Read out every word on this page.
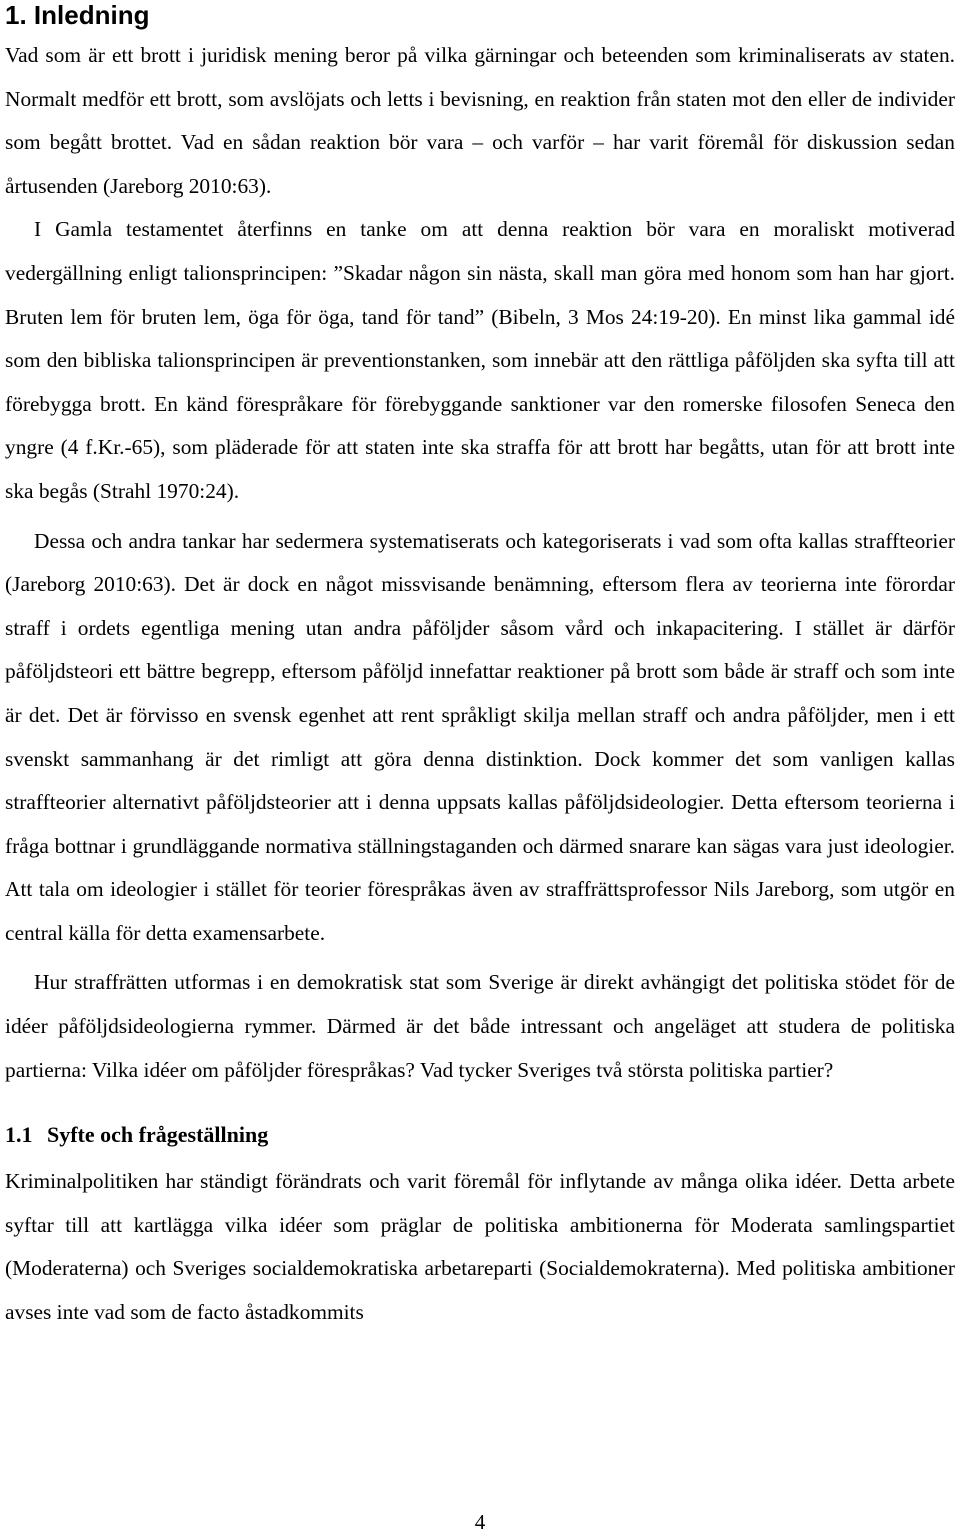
1. Inledning

Vad som är ett brott i juridisk mening beror på vilka gärningar och beteenden som kriminaliserats av staten. Normalt medför ett brott, som avslöjats och letts i bevisning, en reaktion från staten mot den eller de individer som begått brottet. Vad en sådan reaktion bör vara – och varför – har varit föremål för diskussion sedan årtusenden (Jareborg 2010:63).

I Gamla testamentet återfinns en tanke om att denna reaktion bör vara en moraliskt motiverad vedergällning enligt talionsprincipen: ”Skadar någon sin nästa, skall man göra med honom som han har gjort. Bruten lem för bruten lem, öga för öga, tand för tand” (Bibeln, 3 Mos 24:19-20). En minst lika gammal idé som den bibliska talionsprincipen är preventionstanken, som innebär att den rättliga påföljden ska syfta till att förebygga brott. En känd förespråkare för förebyggande sanktioner var den romerske filosofen Seneca den yngre (4 f.Kr.-65), som pläderade för att staten inte ska straffa för att brott har begåtts, utan för att brott inte ska begås (Strahl 1970:24).

Dessa och andra tankar har sedermera systematiserats och kategoriserats i vad som ofta kallas straffteorier (Jareborg 2010:63). Det är dock en något missvisande benämning, eftersom flera av teorierna inte förordar straff i ordets egentliga mening utan andra påföljder såsom vård och inkapacitering. I stället är därför påföljdsteori ett bättre begrepp, eftersom påföljd innefattar reaktioner på brott som både är straff och som inte är det. Det är förvisso en svensk egenhet att rent språkligt skilja mellan straff och andra påföljder, men i ett svenskt sammanhang är det rimligt att göra denna distinktion. Dock kommer det som vanligen kallas straffteorier alternativt påföljdsteorier att i denna uppsats kallas påföljdsideologier. Detta eftersom teorierna i fråga bottnar i grundläggande normativa ställningstaganden och därmed snarare kan sägas vara just ideologier. Att tala om ideologier i stället för teorier förespråkas även av straffrättsprofessor Nils Jareborg, som utgör en central källa för detta examensarbete.

Hur straffrätten utformas i en demokratisk stat som Sverige är direkt avhängigt det politiska stödet för de idéer påföljdsideologierna rymmer. Därmed är det både intressant och angeläget att studera de politiska partierna: Vilka idéer om påföljder förespråkas? Vad tycker Sveriges två största politiska partier?

1.1 Syfte och frågeställning

Kriminalpolitiken har ständigt förändrats och varit föremål för inflytande av många olika idéer. Detta arbete syftar till att kartlägga vilka idéer som präglar de politiska ambitionerna för Moderata samlingspartiet (Moderaterna) och Sveriges socialdemokratiska arbetareparti (Socialdemokraterna). Med politiska ambitioner avses inte vad som de facto åstadkommits

4
